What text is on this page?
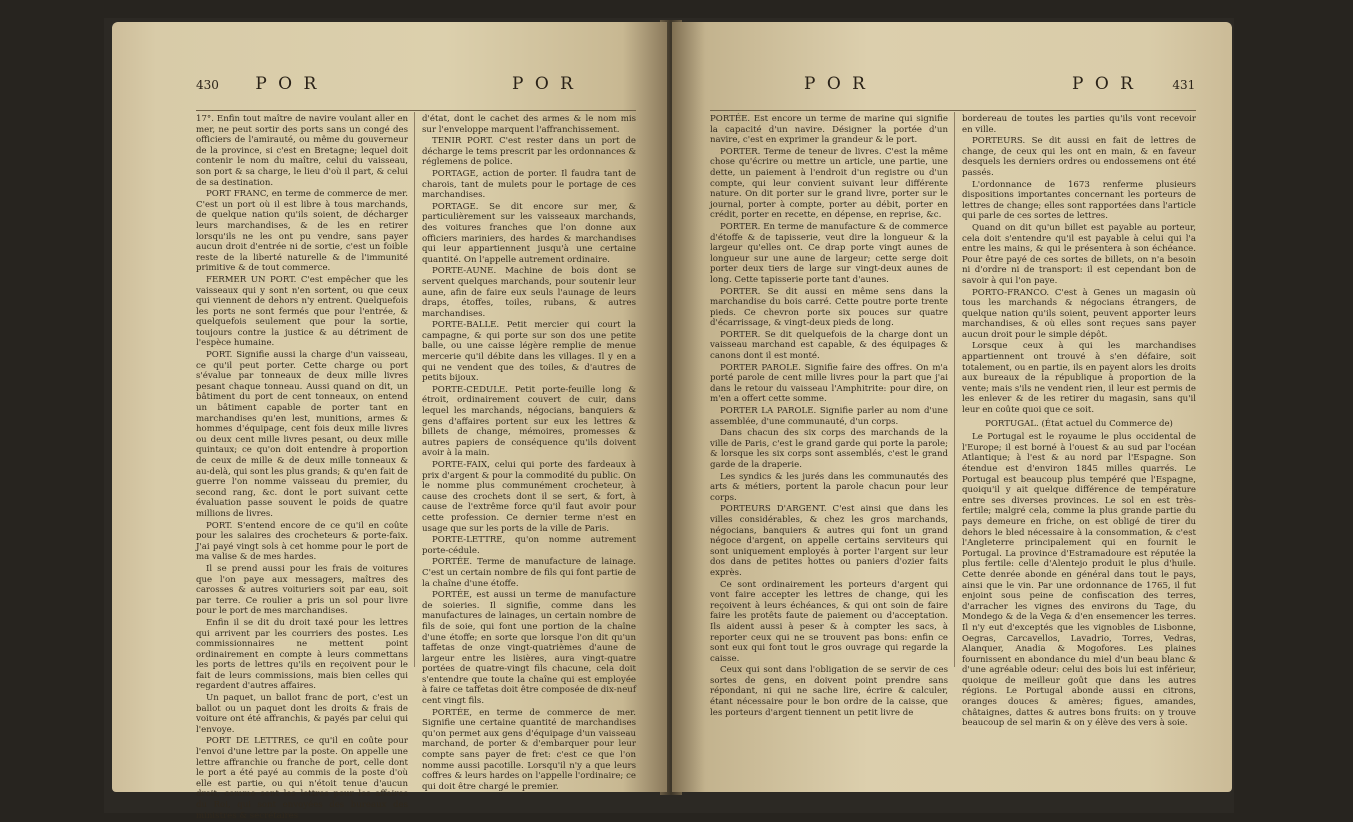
430 P O R	P O R

17°. Enfin tout maître de navire voulant aller en mer, ne peut sortir des ports sans un congé des officiers de l'amirauté, ou même du gouverneur de la province, si c'est en Bretagne; lequel doit contenir le nom du maître, celui du vaisseau, son port & sa charge, le lieu d'où il part, & celui de sa destination.

PORT FRANC, en terme de commerce de mer. C'est un port où il est libre à tous marchands, de quelque nation qu'ils soient, de décharger leurs marchandises, & de les en retirer lorsqu'ils ne les ont pu vendre, sans payer aucun droit d'entrée ni de sortie, c'est un foible reste de la liberté naturelle & de l'immunité primitive & de tout commerce.

FERMER UN PORT. C'est empêcher que les vaisseaux qui y sont n'en sortent, ou que ceux qui viennent de dehors n'y entrent. Quelquefois les ports ne sont fermés que pour l'entrée, & quelquefois seulement que pour la sortie, toujours contre la justice & au détriment de l'espèce humaine.

PORT. Signifie aussi la charge d'un vaisseau, ce qu'il peut porter. Cette charge ou port s'évalue par tonneaux de deux mille livres pesant chaque tonneau. Aussi quand on dit, un bâtiment du port de cent tonneaux, on entend un bâtiment capable de porter tant en marchandises qu'en lest, munitions, armes & hommes d'équipage, cent fois deux mille livres ou deux cent mille livres pesant, ou deux mille quintaux; ce qu'on doit entendre à proportion de ceux de mille & de deux mille tonneaux & au-delà, qui sont les plus grands; & qu'en fait de guerre l'on nomme vaisseau du premier, du second rang, &c. dont le port suivant cette évaluation passe souvent le poids de quatre millions de livres.

PORT. S'entend encore de ce qu'il en coûte pour les salaires des crocheteurs & porte-faix. J'ai payé vingt sols à cet homme pour le port de ma valise & de mes hardes.

Il se prend aussi pour les frais de voitures que l'on paye aux messagers, maîtres des carosses & autres voituriers soit par eau, soit par terre. Ce roulier a pris un sol pour livre pour le port de mes marchandises.

Enfin il se dit du droit taxé pour les lettres qui arrivent par les courriers des postes. Les commissionnaires ne mettent point ordinairement en compte à leurs commettans les ports de lettres qu'ils en reçoivent pour le fait de leurs commissions, mais bien celles qui regardent d'autres affaires.

Un paquet, un ballot franc de port, c'est un ballot ou un paquet dont les droits & frais de voiture ont été affranchis, & payés par celui qui l'envoye.

PORT DE LETTRES, ce qu'il en coûte pour l'envoi d'une lettre par la poste. On appelle une lettre affranchie ou franche de port, celle dont le port a été payé au commis de la poste d'où elle est partie, ou qui n'étoit tenue d'aucun droit, comme sont les lettres pour les affaires du Roi, qui sont envoyées des bureaux des ministres & secrétaires

d'état, dont le cachet des armes & le nom mis sur l'enveloppe marquent l'affranchissement.

TENIR PORT. C'est rester dans un port de décharge le tems prescrit par les ordonnances & réglemens de police.

PORTAGE, action de porter. Il faudra tant de charois, tant de mulets pour le portage de ces marchandises.

PORTAGE. Se dit encore sur mer, & particulièrement sur les vaisseaux marchands, des voitures franches que l'on donne aux officiers mariniers, des hardes & marchandises qui leur appartiennent jusqu'à une certaine quantité. On l'appelle autrement ordinaire.

PORTE-AUNE. Machine de bois dont se servent quelques marchands, pour soutenir leur aune, afin de faire eux seuls l'aunage de leurs draps, étoffes, toiles, rubans, & autres marchandises.

PORTE-BALLE. Petit mercier qui court la campagne, & qui porte sur son dos une petite balle, ou une caisse légère remplie de menue mercerie qu'il débite dans les villages. Il y en a qui ne vendent que des toiles, & d'autres de petits bijoux.

PORTE-CEDULE. Petit porte-feuille long & étroit, ordinairement couvert de cuir, dans lequel les marchands, négocians, banquiers & gens d'affaires portent sur eux les lettres & billets de change, mémoires, promesses & autres papiers de conséquence qu'ils doivent avoir à la main.

PORTE-FAIX, celui qui porte des fardeaux à prix d'argent & pour la commodité du public. On le nomme plus communément crocheteur, à cause des crochets dont il se sert, & fort, à cause de l'extrême force qu'il faut avoir pour cette profession. Ce dernier terme n'est en usage que sur les ports de la ville de Paris.

PORTE-LETTRE, qu'on nomme autrement porte-cédule.

PORTÉE. Terme de manufacture de lainage. C'est un certain nombre de fils qui font partie de la chaîne d'une étoffe.

PORTÉE, est aussi un terme de manufacture de soieries. Il signifie, comme dans les manufactures de lainages, un certain nombre de fils de soie, qui font une portion de la chaîne d'une étoffe; en sorte que lorsque l'on dit qu'un taffetas de onze vingt-quatrièmes d'aune de largeur entre les lisières, aura vingt-quatre portées de quatre-vingt fils chacune, cela doit s'entendre que toute la chaîne qui est employée à faire ce taffetas doit être composée de dix-neuf cent vingt fils.

PORTÉE, en terme de commerce de mer. Signifie une certaine quantité de marchandises qu'on permet aux gens d'équipage d'un vaisseau marchand, de porter & d'embarquer pour leur compte sans payer de fret: c'est ce que l'on nomme aussi pacotille. Lorsqu'il n'y a que leurs coffres & leurs hardes on l'appelle l'ordinaire; ce qui doit être chargé le premier.

P O R	P O R	431

PORTÉE. Est encore un terme de marine qui signifie la capacité d'un navire. Désigner la portée d'un navire, c'est en exprimer la grandeur & le port.

PORTER. Terme de teneur de livres. C'est la même chose qu'écrire ou mettre un article, une partie, une dette, un paiement à l'endroit d'un registre ou d'un compte, qui leur convient suivant leur différente nature. On dit porter sur le grand livre, porter sur le journal, porter à compte, porter au débit, porter en crédit, porter en recette, en dépense, en reprise, &c.

PORTER. En terme de manufacture & de commerce d'étoffe & de tapisserie, veut dire la longueur & la largeur qu'elles ont. Ce drap porte vingt aunes de longueur sur une aune de largeur; cette serge doit porter deux tiers de large sur vingt-deux aunes de long. Cette tapisserie porte tant d'aunes.

PORTER. Se dit aussi en même sens dans la marchandise du bois carré. Cette poutre porte trente pieds. Ce chevron porte six pouces sur quatre d'écarrissage, & vingt-deux pieds de long.

PORTER. Se dit quelquefois de la charge dont un vaisseau marchand est capable, & des équipages & canons dont il est monté.

PORTER PAROLE. Signifie faire des offres. On m'a porté parole de cent mille livres pour la part que j'ai dans le retour du vaisseau l'Amphitrite: pour dire, on m'en a offert cette somme.

PORTER LA PAROLE. Signifie parler au nom d'une assemblée, d'une communauté, d'un corps.

Dans chacun des six corps des marchands de la ville de Paris, c'est le grand garde qui porte la parole; & lorsque les six corps sont assemblés, c'est le grand garde de la draperie.

Les syndics & les jurés dans les communautés des arts & métiers, portent la parole chacun pour leur corps.

PORTEURS D'ARGENT. C'est ainsi que dans les villes considérables, & chez les gros marchands, négocians, banquiers & autres qui font un grand négoce d'argent, on appelle certains serviteurs qui sont uniquement employés à porter l'argent sur leur dos dans de petites hottes ou paniers d'ozier faits exprès.

Ce sont ordinairement les porteurs d'argent qui vont faire accepter les lettres de change, qui les reçoivent à leurs échéances, & qui ont soin de faire faire les protêts faute de paiement ou d'acceptation. Ils aident aussi à peser & à compter les sacs, à reporter ceux qui ne se trouvent pas bons: enfin ce sont eux qui font tout le gros ouvrage qui regarde la caisse.

Ceux qui sont dans l'obligation de se servir de ces sortes de gens, en doivent point prendre sans répondant, ni qui ne sache lire, écrire & calculer, étant nécessaire pour le bon ordre de la caisse, que les porteurs d'argent tiennent un petit livre de

bordereau de toutes les parties qu'ils vont recevoir en ville.

PORTEURS. Se dit aussi en fait de lettres de change, de ceux qui les ont en main, & en faveur desquels les derniers ordres ou endossemens ont été passés.

L'ordonnance de 1673 renferme plusieurs dispositions importantes concernant les porteurs de lettres de change; elles sont rapportées dans l'article qui parle de ces sortes de lettres.

Quand on dit qu'un billet est payable au porteur, cela doit s'entendre qu'il est payable à celui qui l'a entre les mains, & qui le présentera à son échéance. Pour être payé de ces sortes de billets, on n'a besoin ni d'ordre ni de transport: il est cependant bon de savoir à qui l'on paye.

PORTO-FRANCO. C'est à Genes un magasin où tous les marchands & négocians étrangers, de quelque nation qu'ils soient, peuvent apporter leurs marchandises, & où elles sont reçues sans payer aucun droit pour le simple dépôt.

Lorsque ceux à qui les marchandises appartiennent ont trouvé à s'en défaire, soit totalement, ou en partie, ils en payent alors les droits aux bureaux de la république à proportion de la vente; mais s'ils ne vendent rien, il leur est permis de les enlever & de les retirer du magasin, sans qu'il leur en coûte quoi que ce soit.

PORTUGAL. (État actuel du Commerce de)

Le Portugal est le royaume le plus occidental de l'Europe; il est borné à l'ouest & au sud par l'océan Atlantique; à l'est & au nord par l'Espagne. Son étendue est d'environ 1845 milles quarrés. Le Portugal est beaucoup plus tempéré que l'Espagne, quoiqu'il y ait quelque différence de température entre ses diverses provinces. Le sol en est très-fertile; malgré cela, comme la plus grande partie du pays demeure en friche, on est obligé de tirer du dehors le bled nécessaire à la consommation, & c'est l'Angleterre principalement qui en fournit le Portugal. La province d'Estramadoure est réputée la plus fertile: celle d'Alentejo produit le plus d'huile. Cette denrée abonde en général dans tout le pays, ainsi que le vin. Par une ordonnance de 1765, il fut enjoint sous peine de confiscation des terres, d'arracher les vignes des environs du Tage, du Mondego & de la Vega & d'en ensemencer les terres. Il n'y eut d'exceptés que les vignobles de Lisbonne, Oegras, Carcavellos, Lavadrio, Torres, Vedras, Alanquer, Anadia & Mogofores. Les plaines fournissent en abondance du miel d'un beau blanc & d'une agréable odeur: celui des bois lui est inférieur, quoique de meilleur goût que dans les autres régions. Le Portugal abonde aussi en citrons, oranges douces & amères; figues, amandes, châtaignes, dattes & autres bons fruits: on y trouve beaucoup de sel marin & on y élève des vers à soie.
